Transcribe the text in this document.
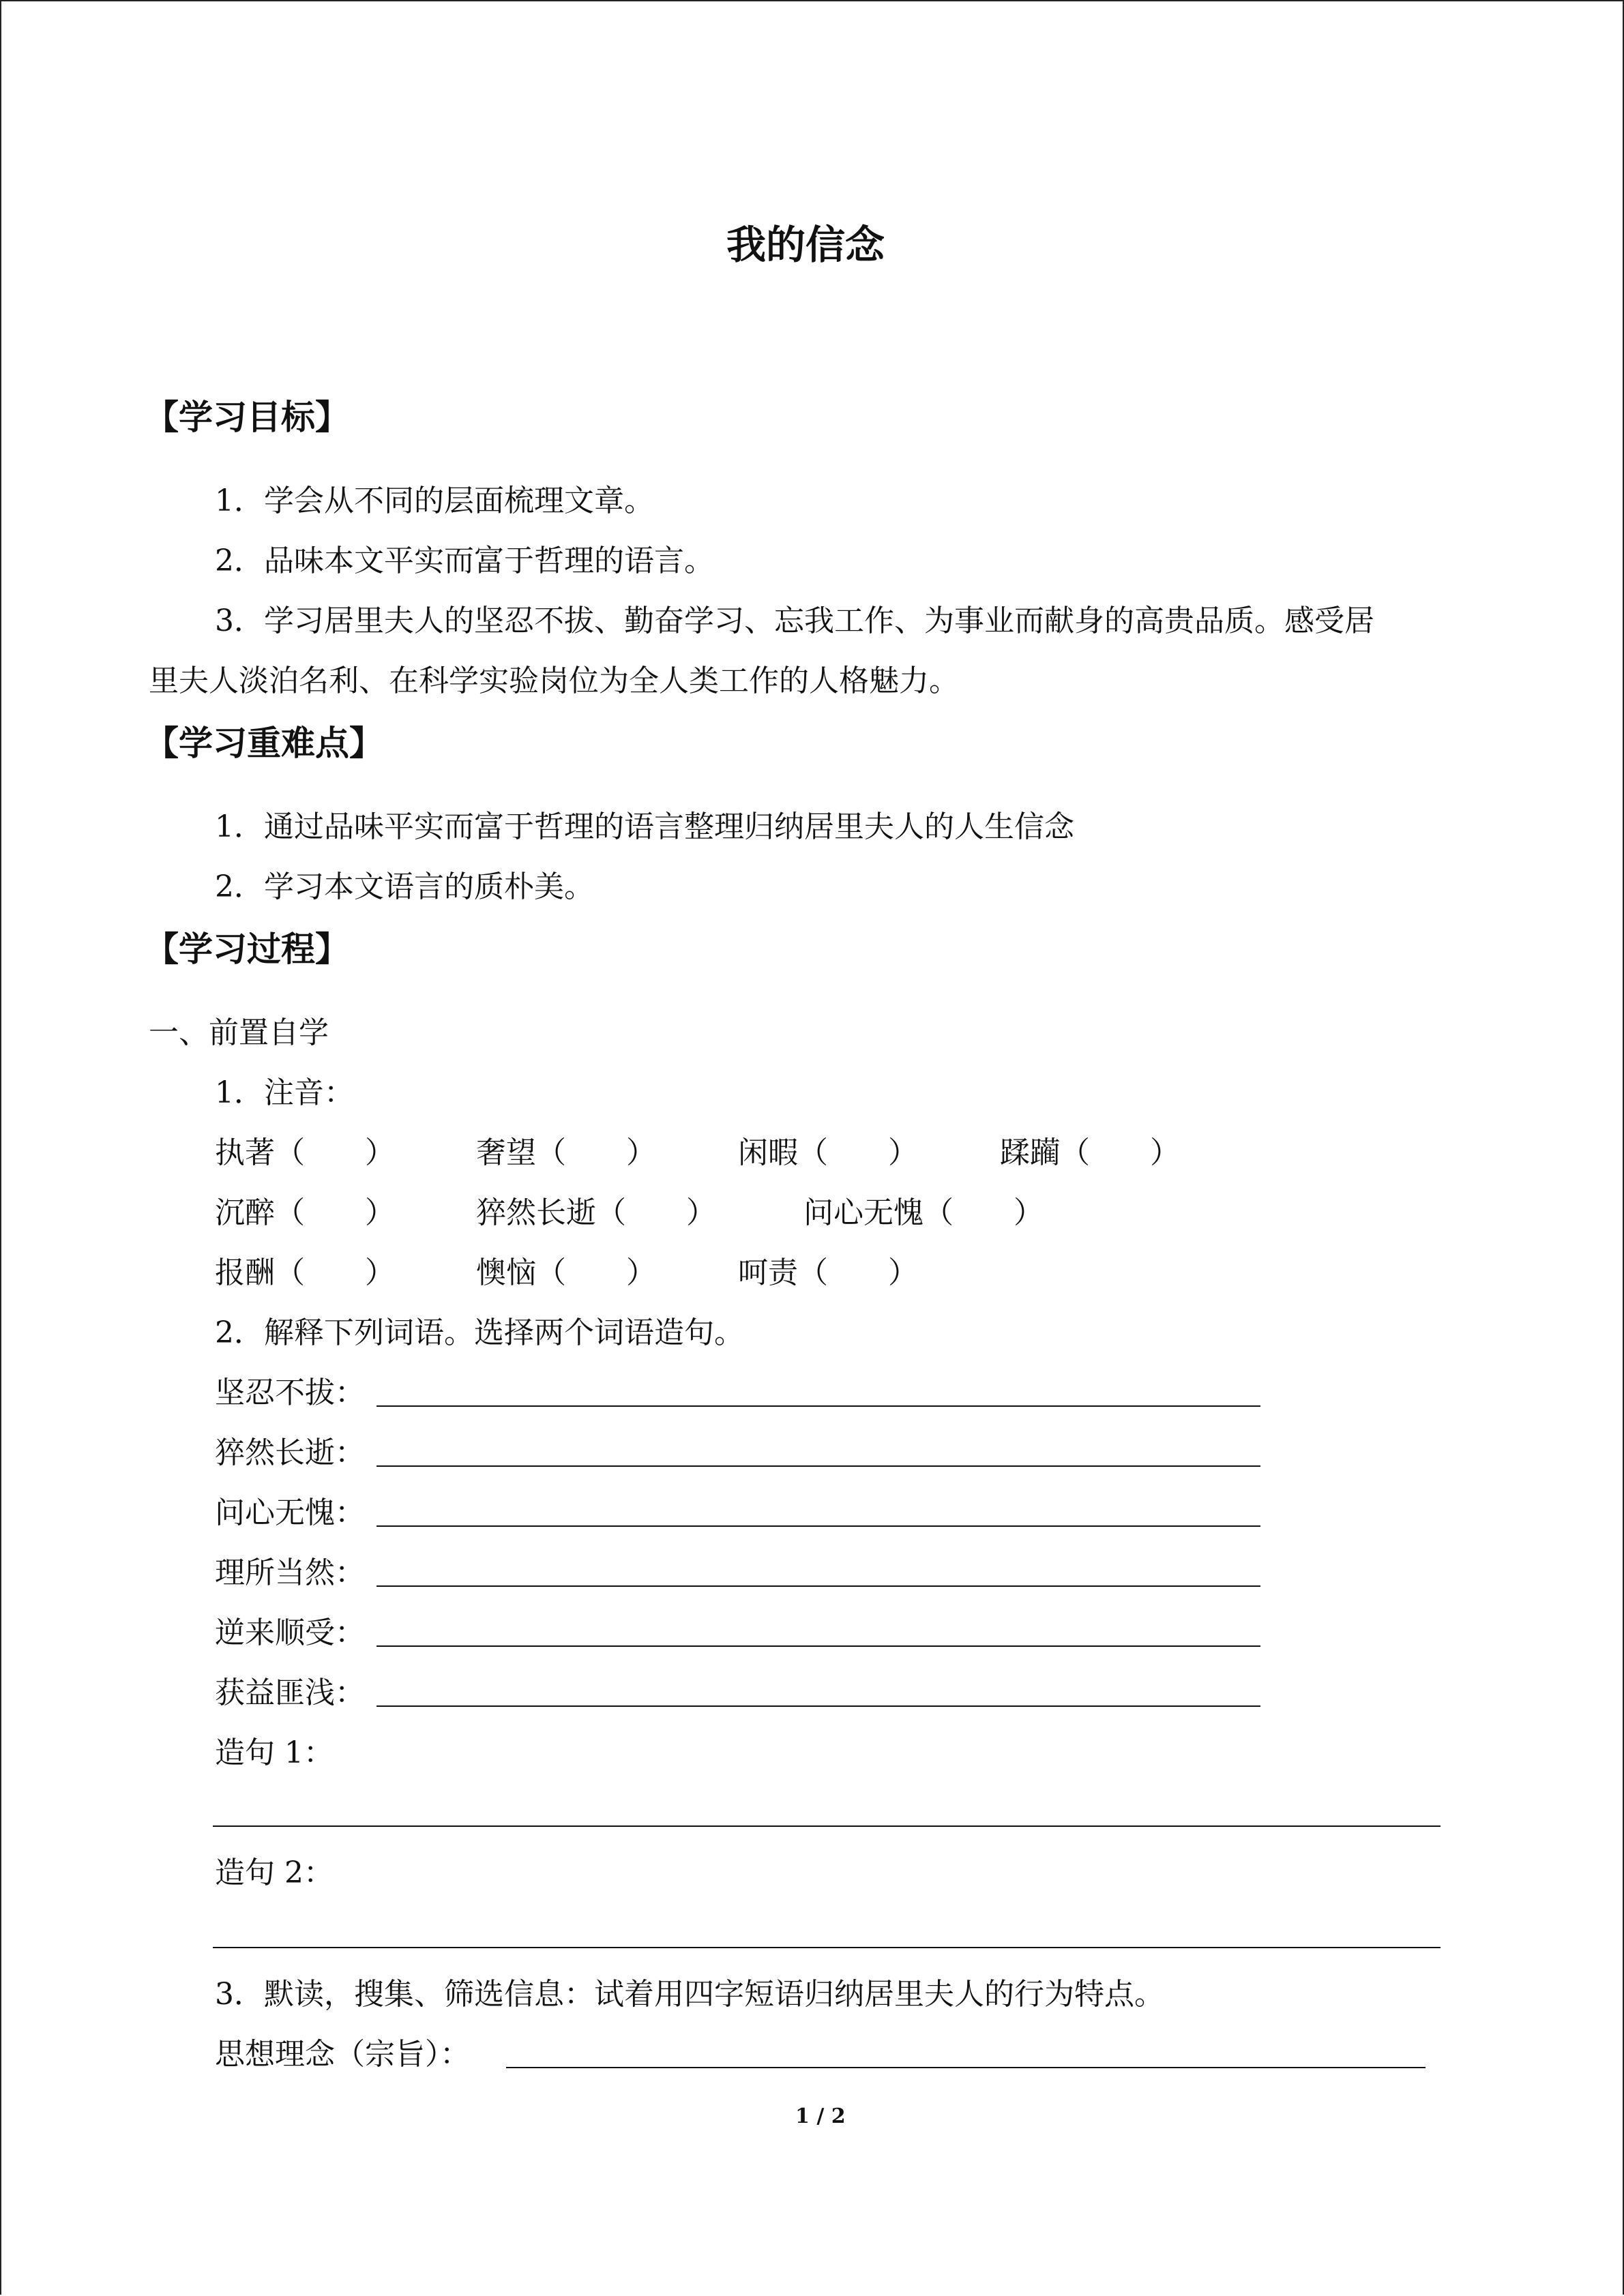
我的信念
【学习目标】
1．学会从不同的层面梳理文章。
2．品味本文平实而富于哲理的语言。
3．学习居里夫人的坚忍不拔、勤奋学习、忘我工作、为事业而献身的高贵品质。感受居
里夫人淡泊名利、在科学实验岗位为全人类工作的人格魅力。
【学习重难点】
1．通过品味平实而富于哲理的语言整理归纳居里夫人的人生信念
2．学习本文语言的质朴美。
【学习过程】
一、前置自学
1．注音：
执著（　　）	奢望（　　）	闲暇（　　）	蹂躏（　　）
沉醉（　　）	猝然长逝（　　）	问心无愧（　　）
报酬（　　）	懊恼（　　）	呵责（　　）
2．解释下列词语。选择两个词语造句。
坚忍不拔：
猝然长逝：
问心无愧：
理所当然：
逆来顺受：
获益匪浅：
造句 1：
造句 2：
3．默读，搜集、筛选信息：试着用四字短语归纳居里夫人的行为特点。
思想理念（宗旨）：
1 / 2
